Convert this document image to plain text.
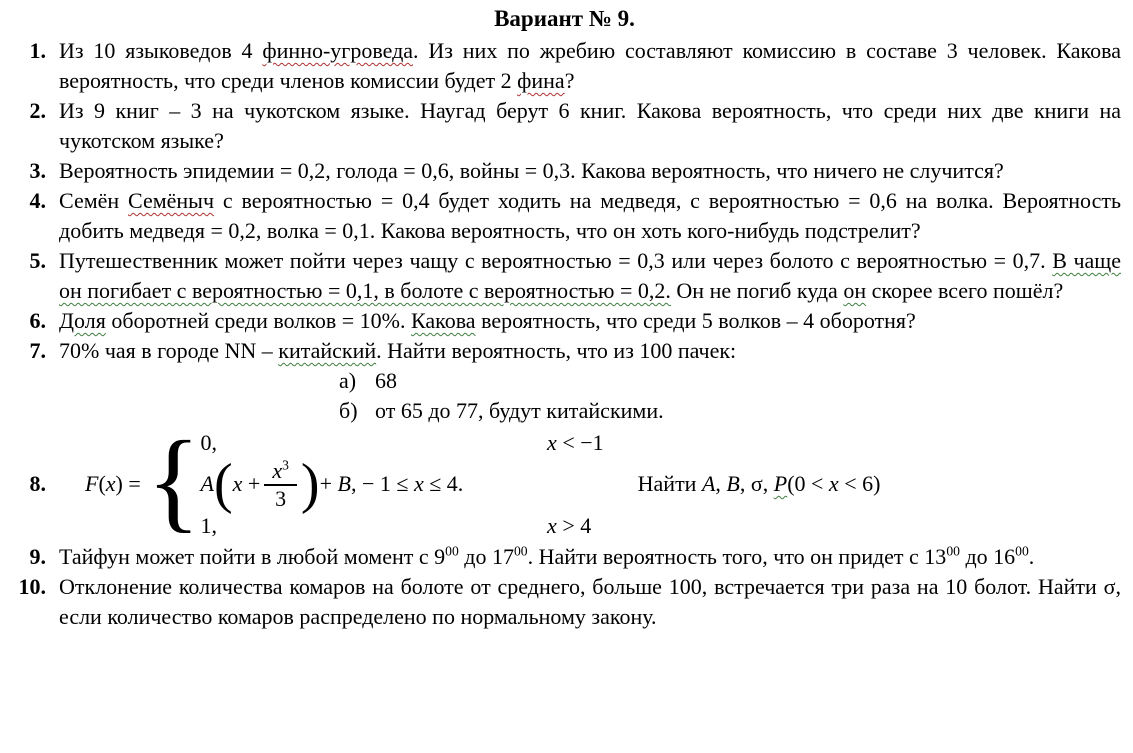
Вариант № 9.
1. Из 10 языковедов 4 финно-угроведа. Из них по жребию составляют комиссию в составе 3 человек. Какова вероятность, что среди членов комиссии будет 2 фина?
2. Из 9 книг – 3 на чукотском языке. Наугад берут 6 книг. Какова вероятность, что среди них две книги на чукотском языке?
3. Вероятность эпидемии = 0,2, голода = 0,6, войны = 0,3. Какова вероятность, что ничего не случится?
4. Семён Семёныч с вероятностью = 0,4 будет ходить на медведя, с вероятностью = 0,6 на волка. Вероятность добить медведя = 0,2, волка = 0,1. Какова вероятность, что он хоть кого-нибудь подстрелит?
5. Путешественник может пойти через чащу с вероятностью = 0,3 или через болото с вероятностью = 0,7. В чаще он погибает с вероятностью = 0,1, в болоте с вероятностью = 0,2. Он не погиб куда он скорее всего пошёл?
6. Доля оборотней среди волков = 10%. Какова вероятность, что среди 5 волков – 4 оборотня?
7. 70% чая в городе NN – китайский. Найти вероятность, что из 100 пачек:
а) 68
б) от 65 до 77, будут китайскими.
8. F(x) = { 0,	x < −1
A ( $x + \frac{x^3}{3}$ ) + B, − 1 ≤ x ≤ 4.
1,	x > 4
Найти A, B, σ, P(0 < x < 6)
9. Тайфун может пойти в любой момент с $9^{00}$ до $17^{00}$. Найти вероятность того, что он придет с $13^{00}$ до $16^{00}$.
10. Отклонение количества комаров на болоте от среднего, больше 100, встречается три раза на 10 болот. Найти σ, если количество комаров распределено по нормальному закону.
